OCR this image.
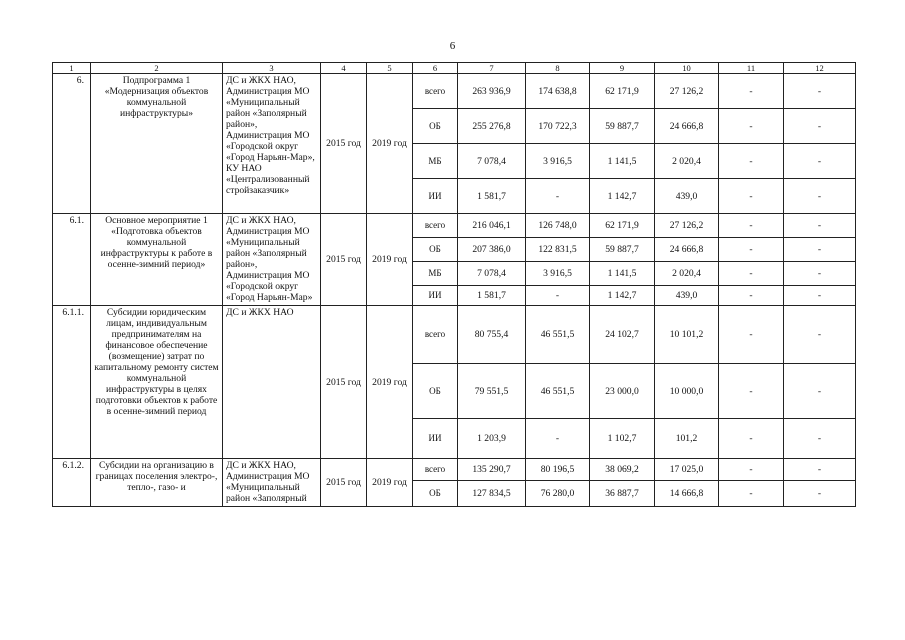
6
1	2	3	4	5	6	7	8	9	10	11	12
6.	Подпрограмма 1 «Модернизация объектов коммунальной инфраструктуры»	ДС и ЖКХ НАО, Администрация МО «Муниципальный район «Заполярный район», Администрация МО «Городской округ «Город Нарьян-Мар», КУ НАО «Централизованный стройзаказчик»	2015 год	2019 год	всего	263 936,9	174 638,8	62 171,9	27 126,2	-	-
					ОБ	255 276,8	170 722,3	59 887,7	24 666,8	-	-
					МБ	7 078,4	3 916,5	1 141,5	2 020,4	-	-
					ИИ	1 581,7	-	1 142,7	439,0	-	-
6.1.	Основное мероприятие 1 «Подготовка объектов коммунальной инфраструктуры к работе в осенне-зимний период»	ДС и ЖКХ НАО, Администрация МО «Муниципальный район «Заполярный район», Администрация МО «Городской округ «Город Нарьян-Мар»	2015 год	2019 год	всего	216 046,1	126 748,0	62 171,9	27 126,2	-	-
					ОБ	207 386,0	122 831,5	59 887,7	24 666,8	-	-
					МБ	7 078,4	3 916,5	1 141,5	2 020,4	-	-
					ИИ	1 581,7	-	1 142,7	439,0	-	-
6.1.1.	Субсидии юридическим лицам, индивидуальным предпринимателям на финансовое обеспечение (возмещение) затрат по капитальному ремонту систем коммунальной инфраструктуры в целях подготовки объектов к работе в осенне-зимний период	ДС и ЖКХ НАО	2015 год	2019 год	всего	80 755,4	46 551,5	24 102,7	10 101,2	-	-
					ОБ	79 551,5	46 551,5	23 000,0	10 000,0	-	-
					ИИ	1 203,9	-	1 102,7	101,2	-	-
6.1.2.	Субсидии на организацию в границах поселения электро-, тепло-, газо- и	ДС и ЖКХ НАО, Администрация МО «Муниципальный район «Заполярный	2015 год	2019 год	всего	135 290,7	80 196,5	38 069,2	17 025,0	-	-
					ОБ	127 834,5	76 280,0	36 887,7	14 666,8	-	-
